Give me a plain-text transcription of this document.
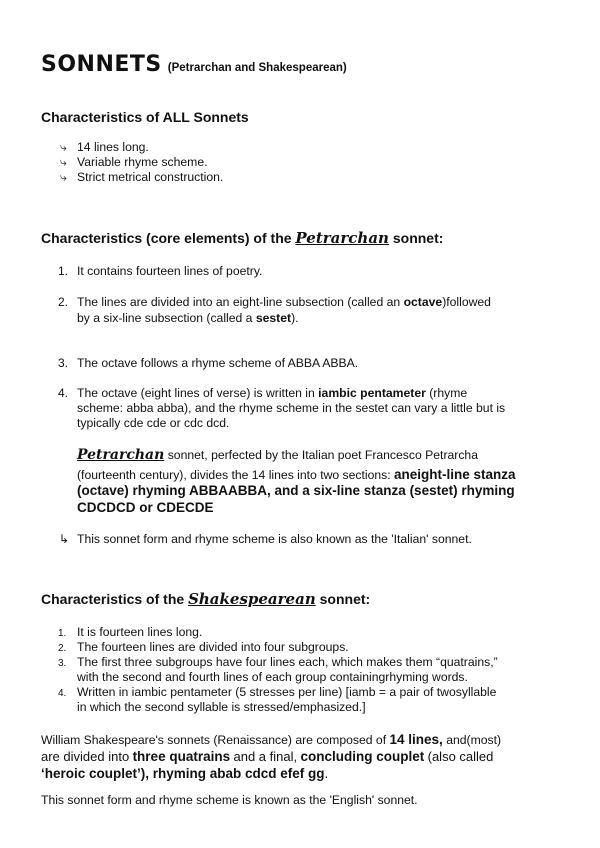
SONNETS (Petrarchan and Shakespearean)
Characteristics of ALL Sonnets
⤷ 14 lines long.
⤷ Variable rhyme scheme.
⤷ Strict metrical construction.
Characteristics (core elements) of the Petrarchan sonnet:
1. It contains fourteen lines of poetry.
2. The lines are divided into an eight-line subsection (called an octave)followed
by a six-line subsection (called a sestet).
3. The octave follows a rhyme scheme of ABBA ABBA.
4. The octave (eight lines of verse) is written in iambic pentameter (rhyme
scheme: abba abba), and the rhyme scheme in the sestet can vary a little but is
typically cde cde or cdc dcd.
Petrarchan sonnet, perfected by the Italian poet Francesco Petrarcha
(fourteenth century), divides the 14 lines into two sections: aneight-line stanza
(octave) rhyming ABBAABBA, and a six-line stanza (sestet) rhyming
CDCDCD or CDECDE
↳ This sonnet form and rhyme scheme is also known as the 'Italian' sonnet.
Characteristics of the Shakespearean sonnet:
1. It is fourteen lines long.
2. The fourteen lines are divided into four subgroups.
3. The first three subgroups have four lines each, which makes them “quatrains,”
with the second and fourth lines of each group containingrhyming words.
4. Written in iambic pentameter (5 stresses per line) [iamb = a pair of twosyllable
in which the second syllable is stressed/emphasized.]
William Shakespeare's sonnets (Renaissance) are composed of 14 lines, and(most)
are divided into three quatrains and a final, concluding couplet (also called
‘heroic couplet’), rhyming abab cdcd efef gg.
This sonnet form and rhyme scheme is known as the 'English' sonnet.
